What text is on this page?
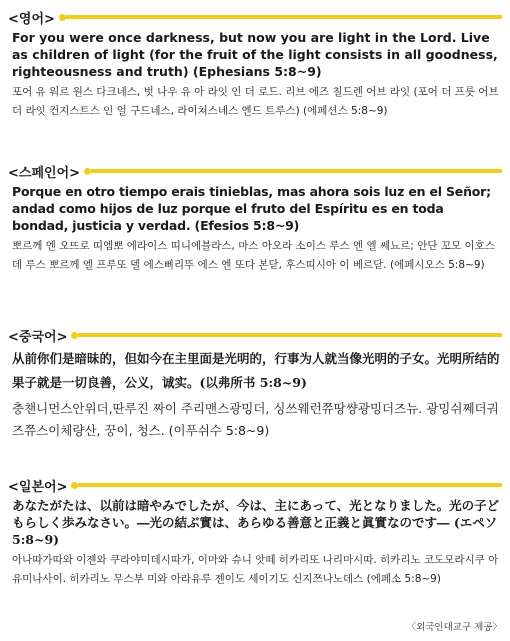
<영어>
For you were once darkness, but now you are light in the Lord. Live as children of light (for the fruit of the light consists in all goodness, righteousness and truth) (Ephesians 5:8~9)
포어 유 워르 원스 다크네스, 벗 나우 유 아 라잇 인 더 로드. 리브 에즈 칠드렌 어브 라잇 (포어 더 프룻 어브 더 라잇 컨지스트스 인 얼 구드네스, 라이쳐스네스 엔드 트루스) (에페션스 5:8~9)
<스페인어>
Porque en otro tiempo erais tinieblas, mas ahora sois luz en el Señor; andad como hijos de luz porque el fruto del Espíritu es en toda bondad, justicia y verdad. (Efesios 5:8~9)
뽀르께 엔 오뜨로 띠엠뽀 에라이스 띠니에블라스, 마스 아오라 소이스 루스 엔 엘 쎄뇨르; 안단 꼬모 이호스 데 루스 뽀르께 엘 프루또 델 에스삐리뚜 에스 엔 또다 본닫, 후스띠시아 이 베르닫. (에페시오스 5:8~9)
<중국어>
从前你们是暗昧的，但如今在主里面是光明的，行事为人就当像光明的子女。光明所结的果子就是一切良善，公义，诚实。(以弗所书 5:8~9)
충챈니먼스안위더,딴루진 짜이 주리맨스광밍더, 싱쓰웨런쮸땅썅광밍더즈뉴. 광밍쉬쩨더궈즈쮸스이체량산, 꿍이, 청스. (이푸쉬수 5:8~9)
<일본어>
あなたがたは、以前は暗やみでしたが、今は、主にあって、光となりました。光の子どもらしく歩みなさい。―光の結ぶ實は、あらゆる善意と正義と眞實なのです― (エペソ 5:8~9)
아나따가따와 이젠와 쿠라야미데시따가, 이마와 슈니 앗떼 히카리또 나리마시따. 히카리노 코도모라시쿠 아유미나사이. 히카리노 무스부 미와 아라유루 젠이도 세이기도 신지쯔나노데스 (에페소 5:8~9)
〈외국인대교구 제공〉
